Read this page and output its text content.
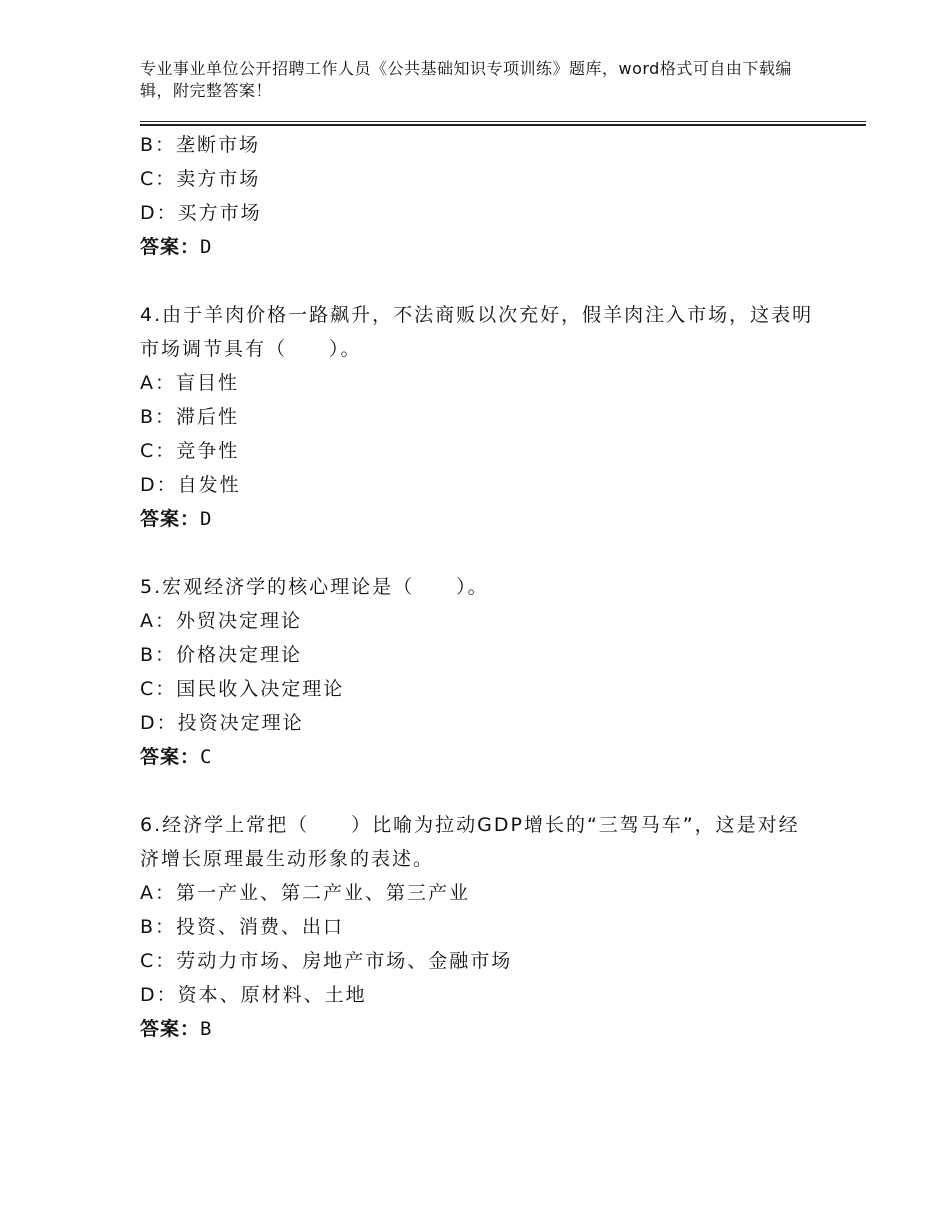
专业事业单位公开招聘工作人员《公共基础知识专项训练》题库，word格式可自由下载编辑，附完整答案！
B：垄断市场
C：卖方市场
D：买方市场
答案：D
4.由于羊肉价格一路飙升，不法商贩以次充好，假羊肉注入市场，这表明市场调节具有（　　）。
A：盲目性
B：滞后性
C：竞争性
D：自发性
答案：D
5.宏观经济学的核心理论是（　　）。
A：外贸决定理论
B：价格决定理论
C：国民收入决定理论
D：投资决定理论
答案：C
6.经济学上常把（　　）比喻为拉动GDP增长的“三驾马车”，这是对经济增长原理最生动形象的表述。
A：第一产业、第二产业、第三产业
B：投资、消费、出口
C：劳动力市场、房地产市场、金融市场
D：资本、原材料、土地
答案：B
